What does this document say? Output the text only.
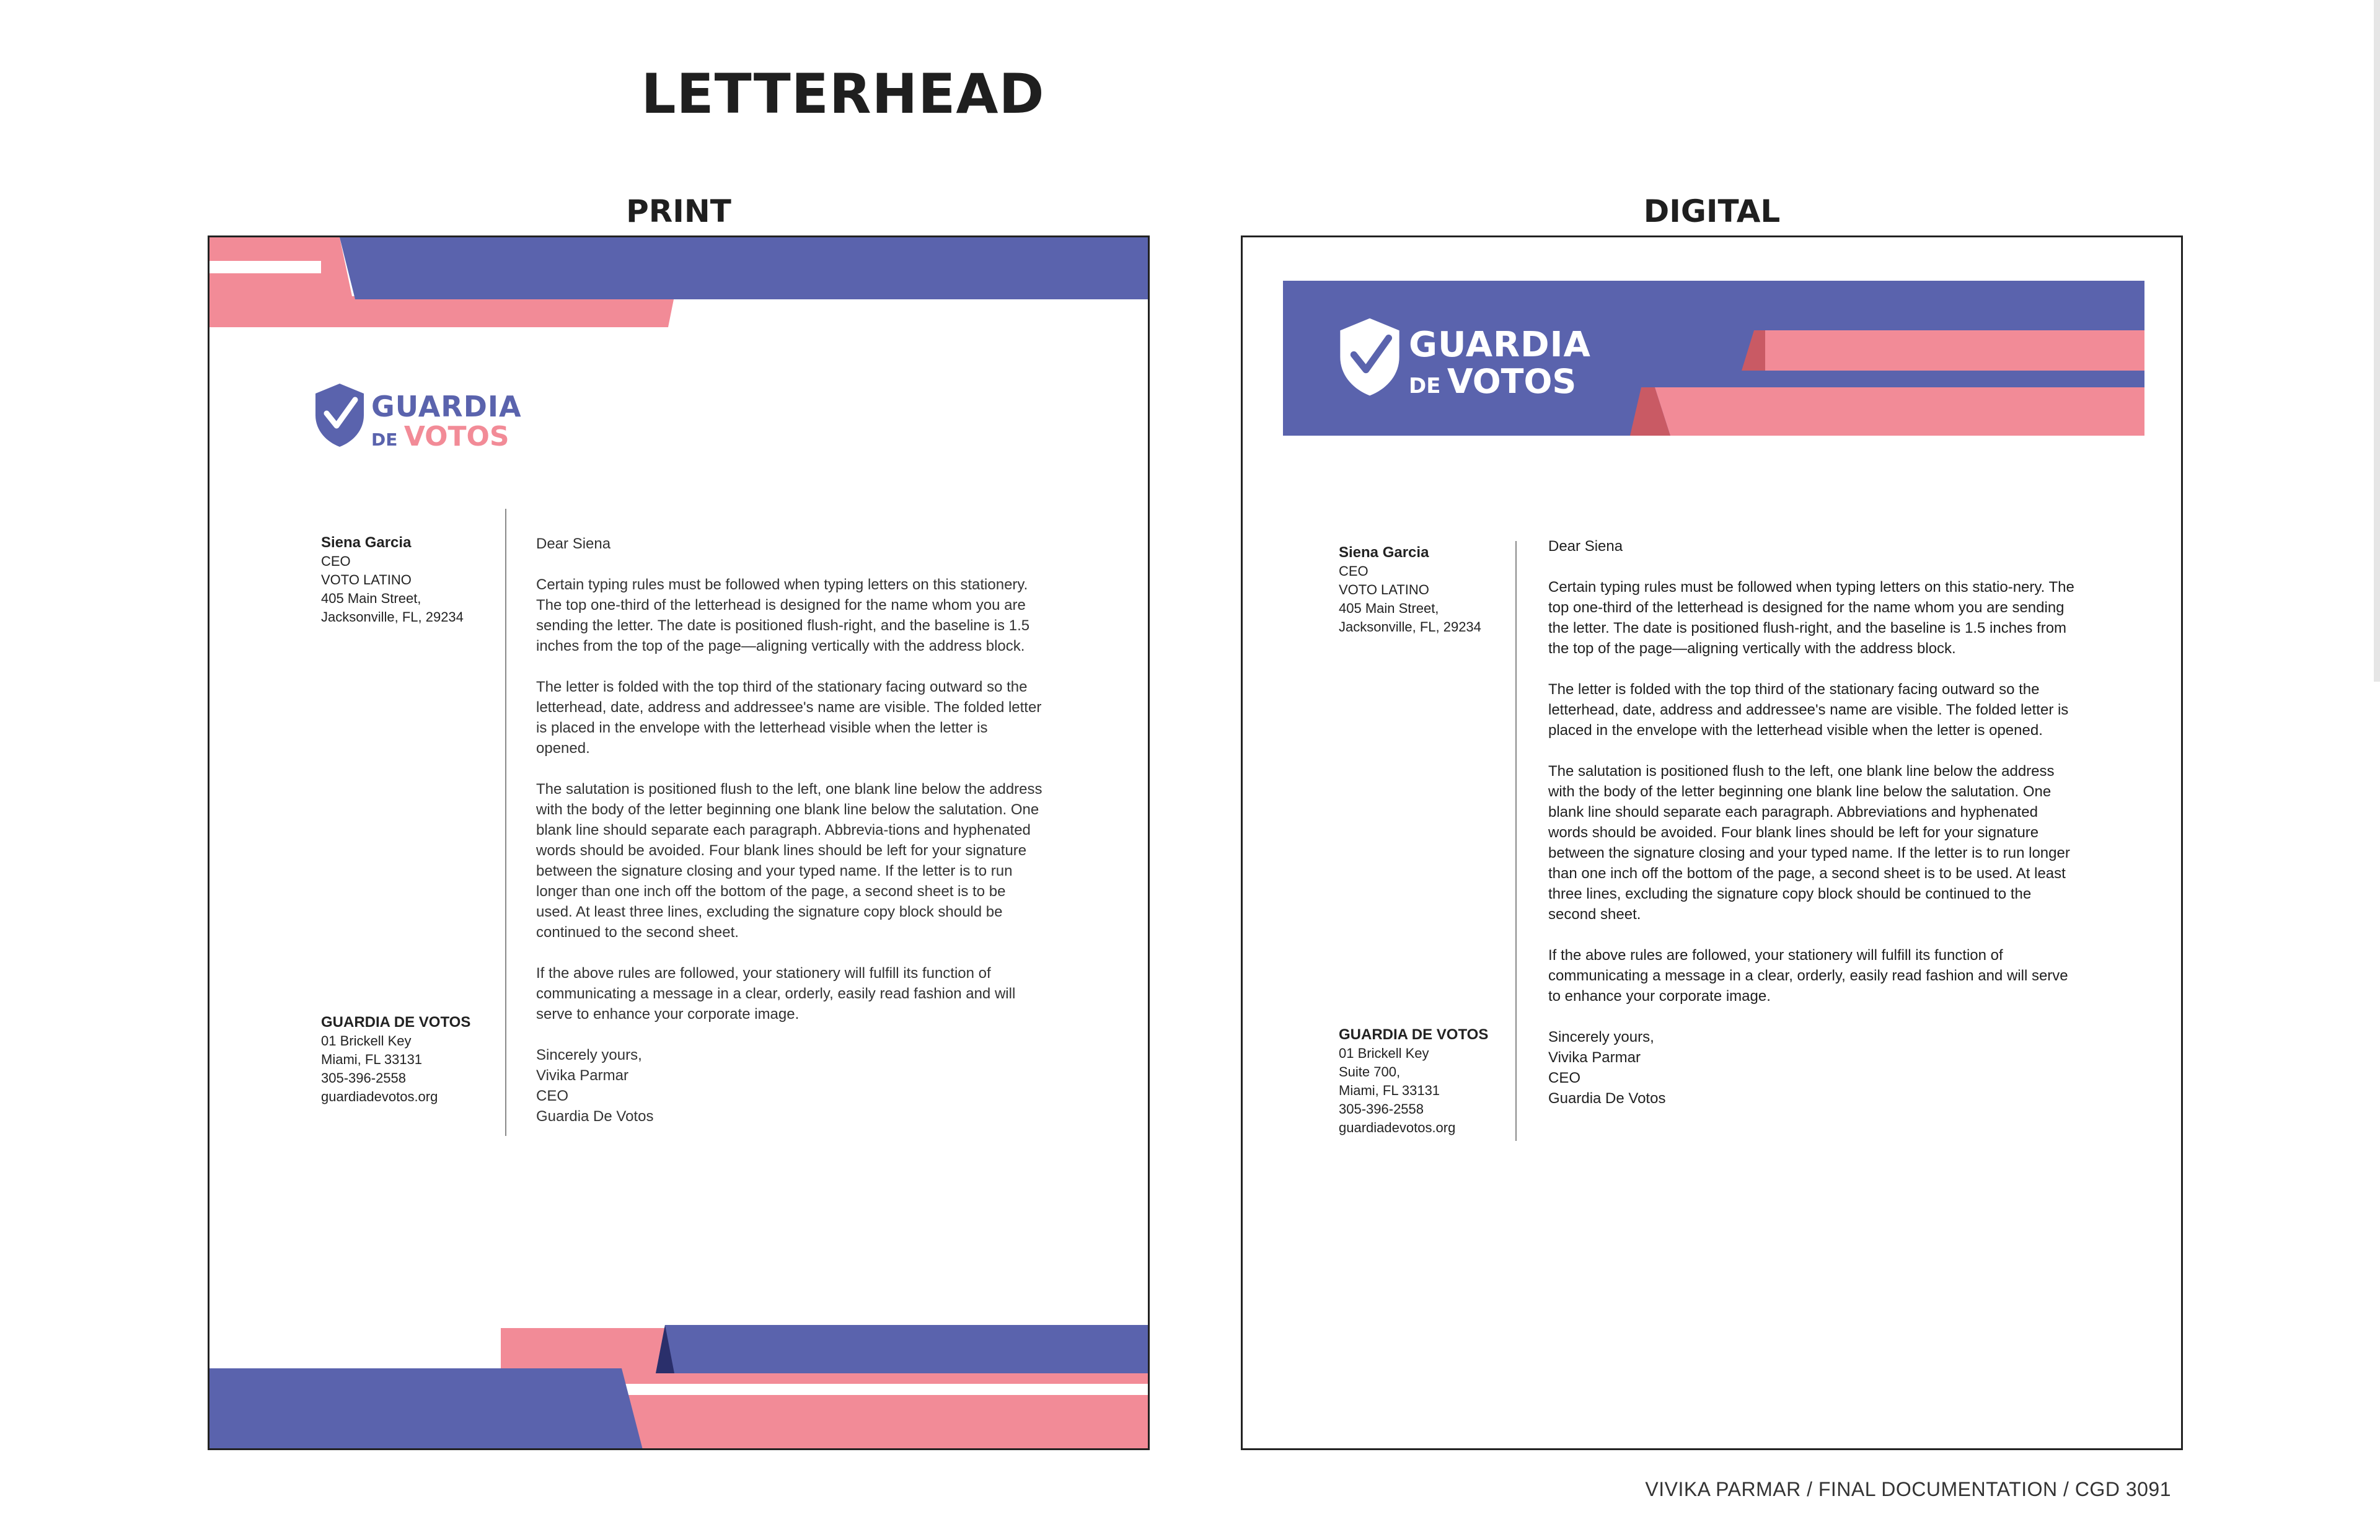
LETTERHEAD
PRINT	DIGITAL
GUARDIA
DE VOTOS
Siena Garcia
CEO
VOTO LATINO
405 Main Street,
Jacksonville, FL, 29234
GUARDIA DE VOTOS
01 Brickell Key
Miami, FL 33131
305-396-2558
guardiadevotos.org

Dear Siena

Certain typing rules must be followed when typing letters on this stationery. The top one-third of the letterhead is designed for the name whom you are sending the letter. The date is positioned flush-right, and the baseline is 1.5 inches from the top of the page—aligning vertically with the address block.

The letter is folded with the top third of the stationary facing outward so the letterhead, date, address and addressee's name are visible. The folded letter is placed in the envelope with the letterhead visible when the letter is opened.

The salutation is positioned flush to the left, one blank line below the address with the body of the letter beginning one blank line below the salutation. One blank line should separate each paragraph. Abbrevia-tions and hyphenated words should be avoided. Four blank lines should be left for your signature between the signature closing and your typed name. If the letter is to run longer than one inch off the bottom of the page, a second sheet is to be used. At least three lines, excluding the signature copy block should be continued to the second sheet.

If the above rules are followed, your stationery will fulfill its function of communicating a message in a clear, orderly, easily read fashion and will serve to enhance your corporate image.

Sincerely yours,
Vivika Parmar
CEO
Guardia De Votos
GUARDIA
DE VOTOS
Siena Garcia
CEO
VOTO LATINO
405 Main Street,
Jacksonville, FL, 29234
GUARDIA DE VOTOS
01 Brickell Key
Suite 700,
Miami, FL 33131
305-396-2558
guardiadevotos.org

Dear Siena

Certain typing rules must be followed when typing letters on this statio-nery. The top one-third of the letterhead is designed for the name whom you are sending the letter. The date is positioned flush-right, and the baseline is 1.5 inches from the top of the page—aligning vertically with the address block.

The letter is folded with the top third of the stationary facing outward so the letterhead, date, address and addressee's name are visible. The folded letter is placed in the envelope with the letterhead visible when the letter is opened.

The salutation is positioned flush to the left, one blank line below the address with the body of the letter beginning one blank line below the salutation. One blank line should separate each paragraph. Abbreviations and hyphenated words should be avoided. Four blank lines should be left for your signature between the signature closing and your typed name. If the letter is to run longer than one inch off the bottom of the page, a second sheet is to be used. At least three lines, excluding the signature copy block should be continued to the second sheet.

If the above rules are followed, your stationery will fulfill its function of communicating a message in a clear, orderly, easily read fashion and will serve to enhance your corporate image.

Sincerely yours,
Vivika Parmar
CEO
Guardia De Votos
VIVIKA PARMAR / FINAL DOCUMENTATION / CGD 3091
